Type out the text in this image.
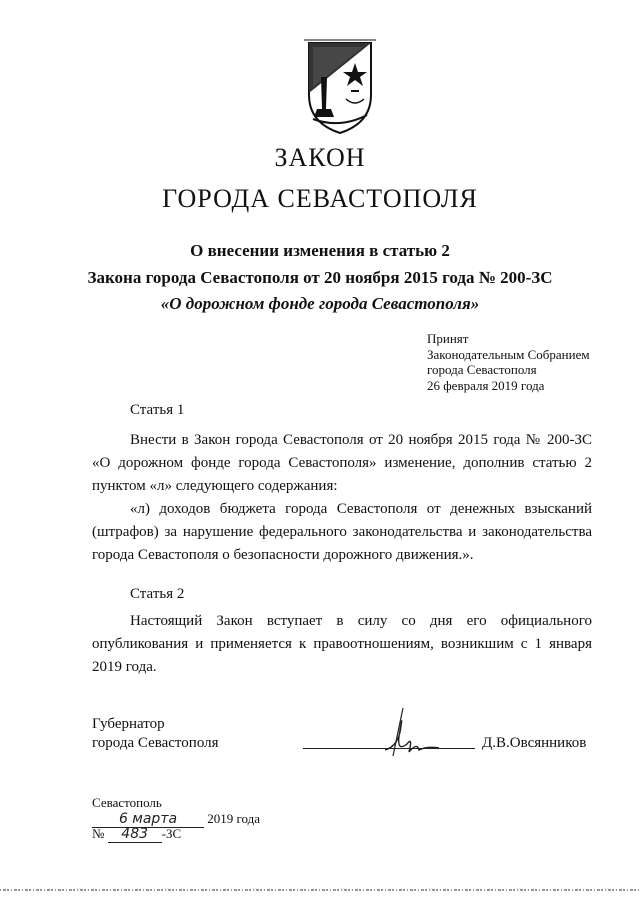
ЗАКОН
ГОРОДА СЕВАСТОПОЛЯ
О внесении изменения в статью 2
Закона города Севастополя от 20 ноября 2015 года № 200-ЗС
«О дорожном фонде города Севастополя»
Принят
Законодательным Собранием
города Севастополя
26 февраля 2019 года
Статья 1
Внести в Закон города Севастополя от 20 ноября 2015 года № 200-ЗС «О дорожном фонде города Севастополя» изменение, дополнив статью 2 пунктом «л» следующего содержания:
«л) доходов бюджета города Севастополя от денежных взысканий (штрафов) за нарушение федерального законодательства и законодательства города Севастополя о безопасности дорожного движения.».
Статья 2
Настоящий Закон вступает в силу со дня его официального опубликования и применяется к правоотношениям, возникшим с 1 января 2019 года.
Губернатор
города Севастополя	Д.В.Овсянников
Севастополь
6 марта 2019 года
№ 483 -ЗС
